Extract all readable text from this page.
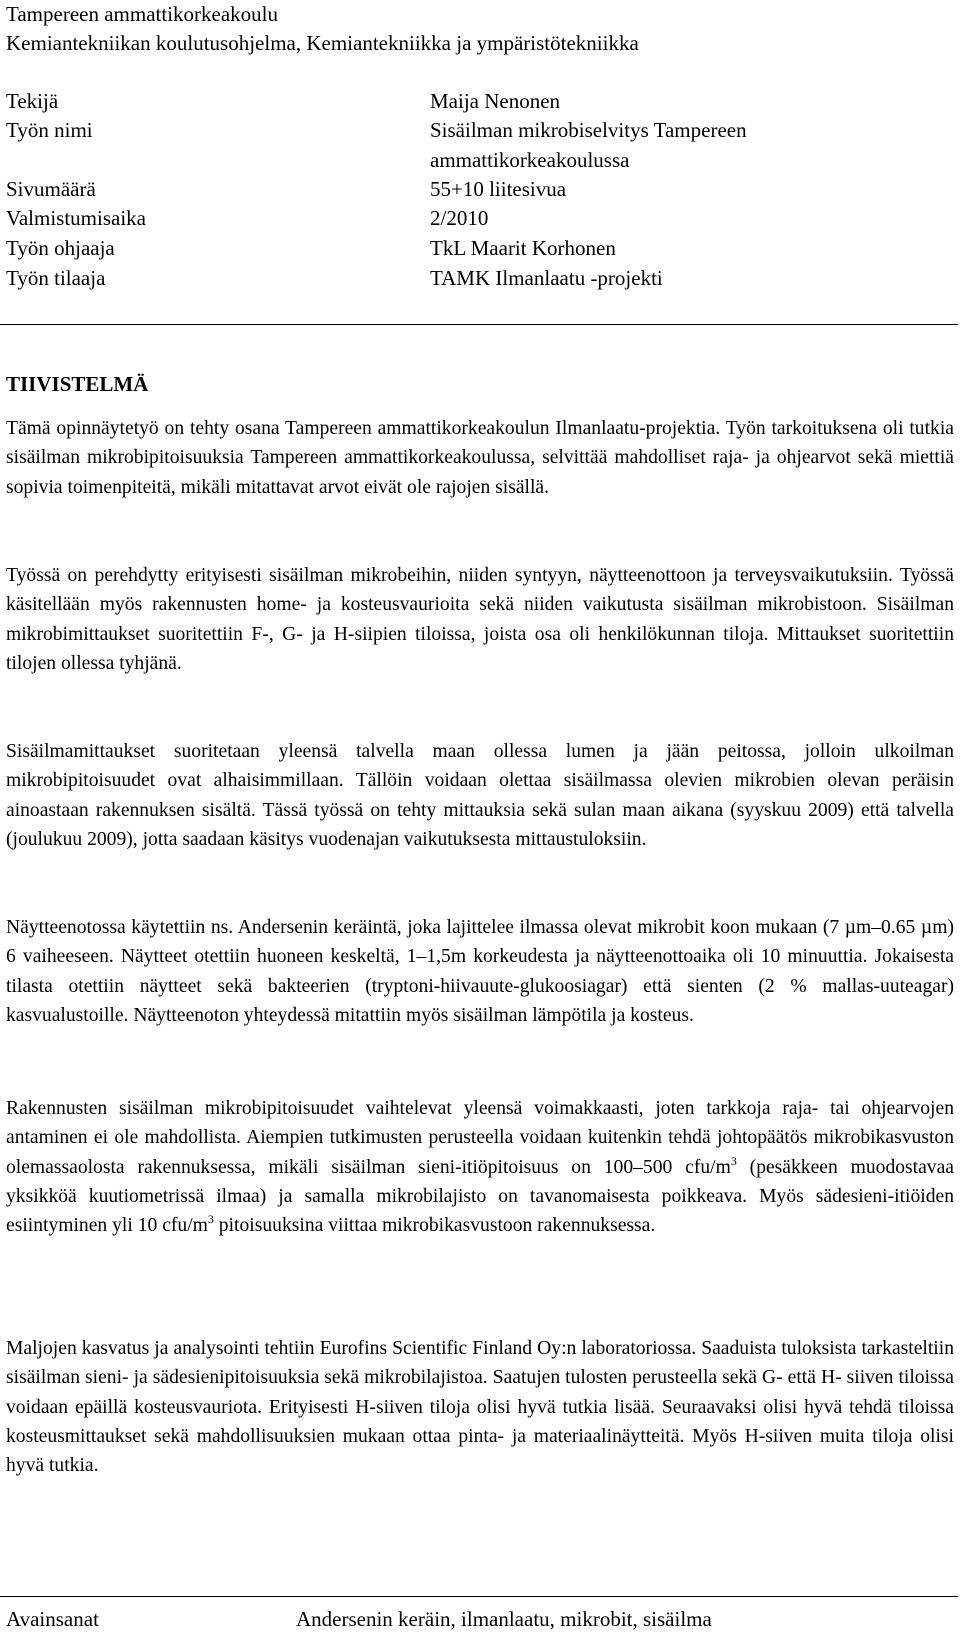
Tampereen ammattikorkeakoulu
Kemiantekniikan koulutusohjelma, Kemiantekniikka ja ympäristötekniikka
Tekijä	Maija Nenonen
Työn nimi	Sisäilman mikrobiselvitys Tampereen
ammattikorkeakoulussa
Sivumäärä	55+10 liitesivua
Valmistumisaika	2/2010
Työn ohjaaja	TkL Maarit Korhonen
Työn tilaaja	TAMK Ilmanlaatu -projekti
TIIVISTELMÄ
Tämä opinnäytetyö on tehty osana Tampereen ammattikorkeakoulun Ilmanlaatu-projektia. Työn tarkoituksena oli tutkia sisäilman mikrobipitoisuuksia Tampereen ammattikorkeakoulussa, selvittää mahdolliset raja- ja ohjearvot sekä miettiä sopivia toimenpiteitä, mikäli mitattavat arvot eivät ole rajojen sisällä.
Työssä on perehdytty erityisesti sisäilman mikrobeihin, niiden syntyyn, näytteenottoon ja terveysvaikutuksiin. Työssä käsitellään myös rakennusten home- ja kosteusvaurioita sekä niiden vaikutusta sisäilman mikrobistoon. Sisäilman mikrobimittaukset suoritettiin F-, G- ja H-siipien tiloissa, joista osa oli henkilökunnan tiloja. Mittaukset suoritettiin tilojen ollessa tyhjänä.
Sisäilmamittaukset suoritetaan yleensä talvella maan ollessa lumen ja jään peitossa, jolloin ulkoilman mikrobipitoisuudet ovat alhaisimmillaan. Tällöin voidaan olettaa sisäilmassa olevien mikrobien olevan peräisin ainoastaan rakennuksen sisältä. Tässä työssä on tehty mittauksia sekä sulan maan aikana (syyskuu 2009) että talvella (joulukuu 2009), jotta saadaan käsitys vuodenajan vaikutuksesta mittaustuloksiin.
Näytteenotossa käytettiin ns. Andersenin keräintä, joka lajittelee ilmassa olevat mikrobit koon mukaan (7 µm–0.65 µm) 6 vaiheeseen. Näytteet otettiin huoneen keskeltä, 1–1,5m korkeudesta ja näytteenottoaika oli 10 minuuttia. Jokaisesta tilasta otettiin näytteet sekä bakteerien (tryptoni-hiivauute-glukoosiagar) että sienten (2 % mallas-uuteagar) kasvualustoille. Näytteenoton yhteydessä mitattiin myös sisäilman lämpötila ja kosteus.
Rakennusten sisäilman mikrobipitoisuudet vaihtelevat yleensä voimakkaasti, joten tarkkoja raja- tai ohjearvojen antaminen ei ole mahdollista. Aiempien tutkimusten perusteella voidaan kuitenkin tehdä johtopäätös mikrobikasvuston olemassaolosta rakennuksessa, mikäli sisäilman sieni-itiöpitoisuus on 100–500 cfu/$m^3$ (pesäkkeen muodostavaa yksikköä kuutiometrissä ilmaa) ja samalla mikrobilajisto on tavanomaisesta poikkeava. Myös sädesieni-itiöiden esiintyminen yli 10 cfu/$m^3$ pitoisuuksina viittaa mikrobikasvustoon rakennuksessa.
Maljojen kasvatus ja analysointi tehtiin Eurofins Scientific Finland Oy:n laboratoriossa. Saaduista tuloksista tarkasteltiin sisäilman sieni- ja sädesienipitoisuuksia sekä mikrobilajistoa. Saatujen tulosten perusteella sekä G- että H- siiven tiloissa voidaan epäillä kosteusvauriota. Erityisesti H-siiven tiloja olisi hyvä tutkia lisää. Seuraavaksi olisi hyvä tehdä tiloissa kosteusmittaukset sekä mahdollisuuksien mukaan ottaa pinta- ja materiaalinäytteitä. Myös H-siiven muita tiloja olisi hyvä tutkia.
Avainsanat	Andersenin keräin, ilmanlaatu, mikrobit, sisäilma
